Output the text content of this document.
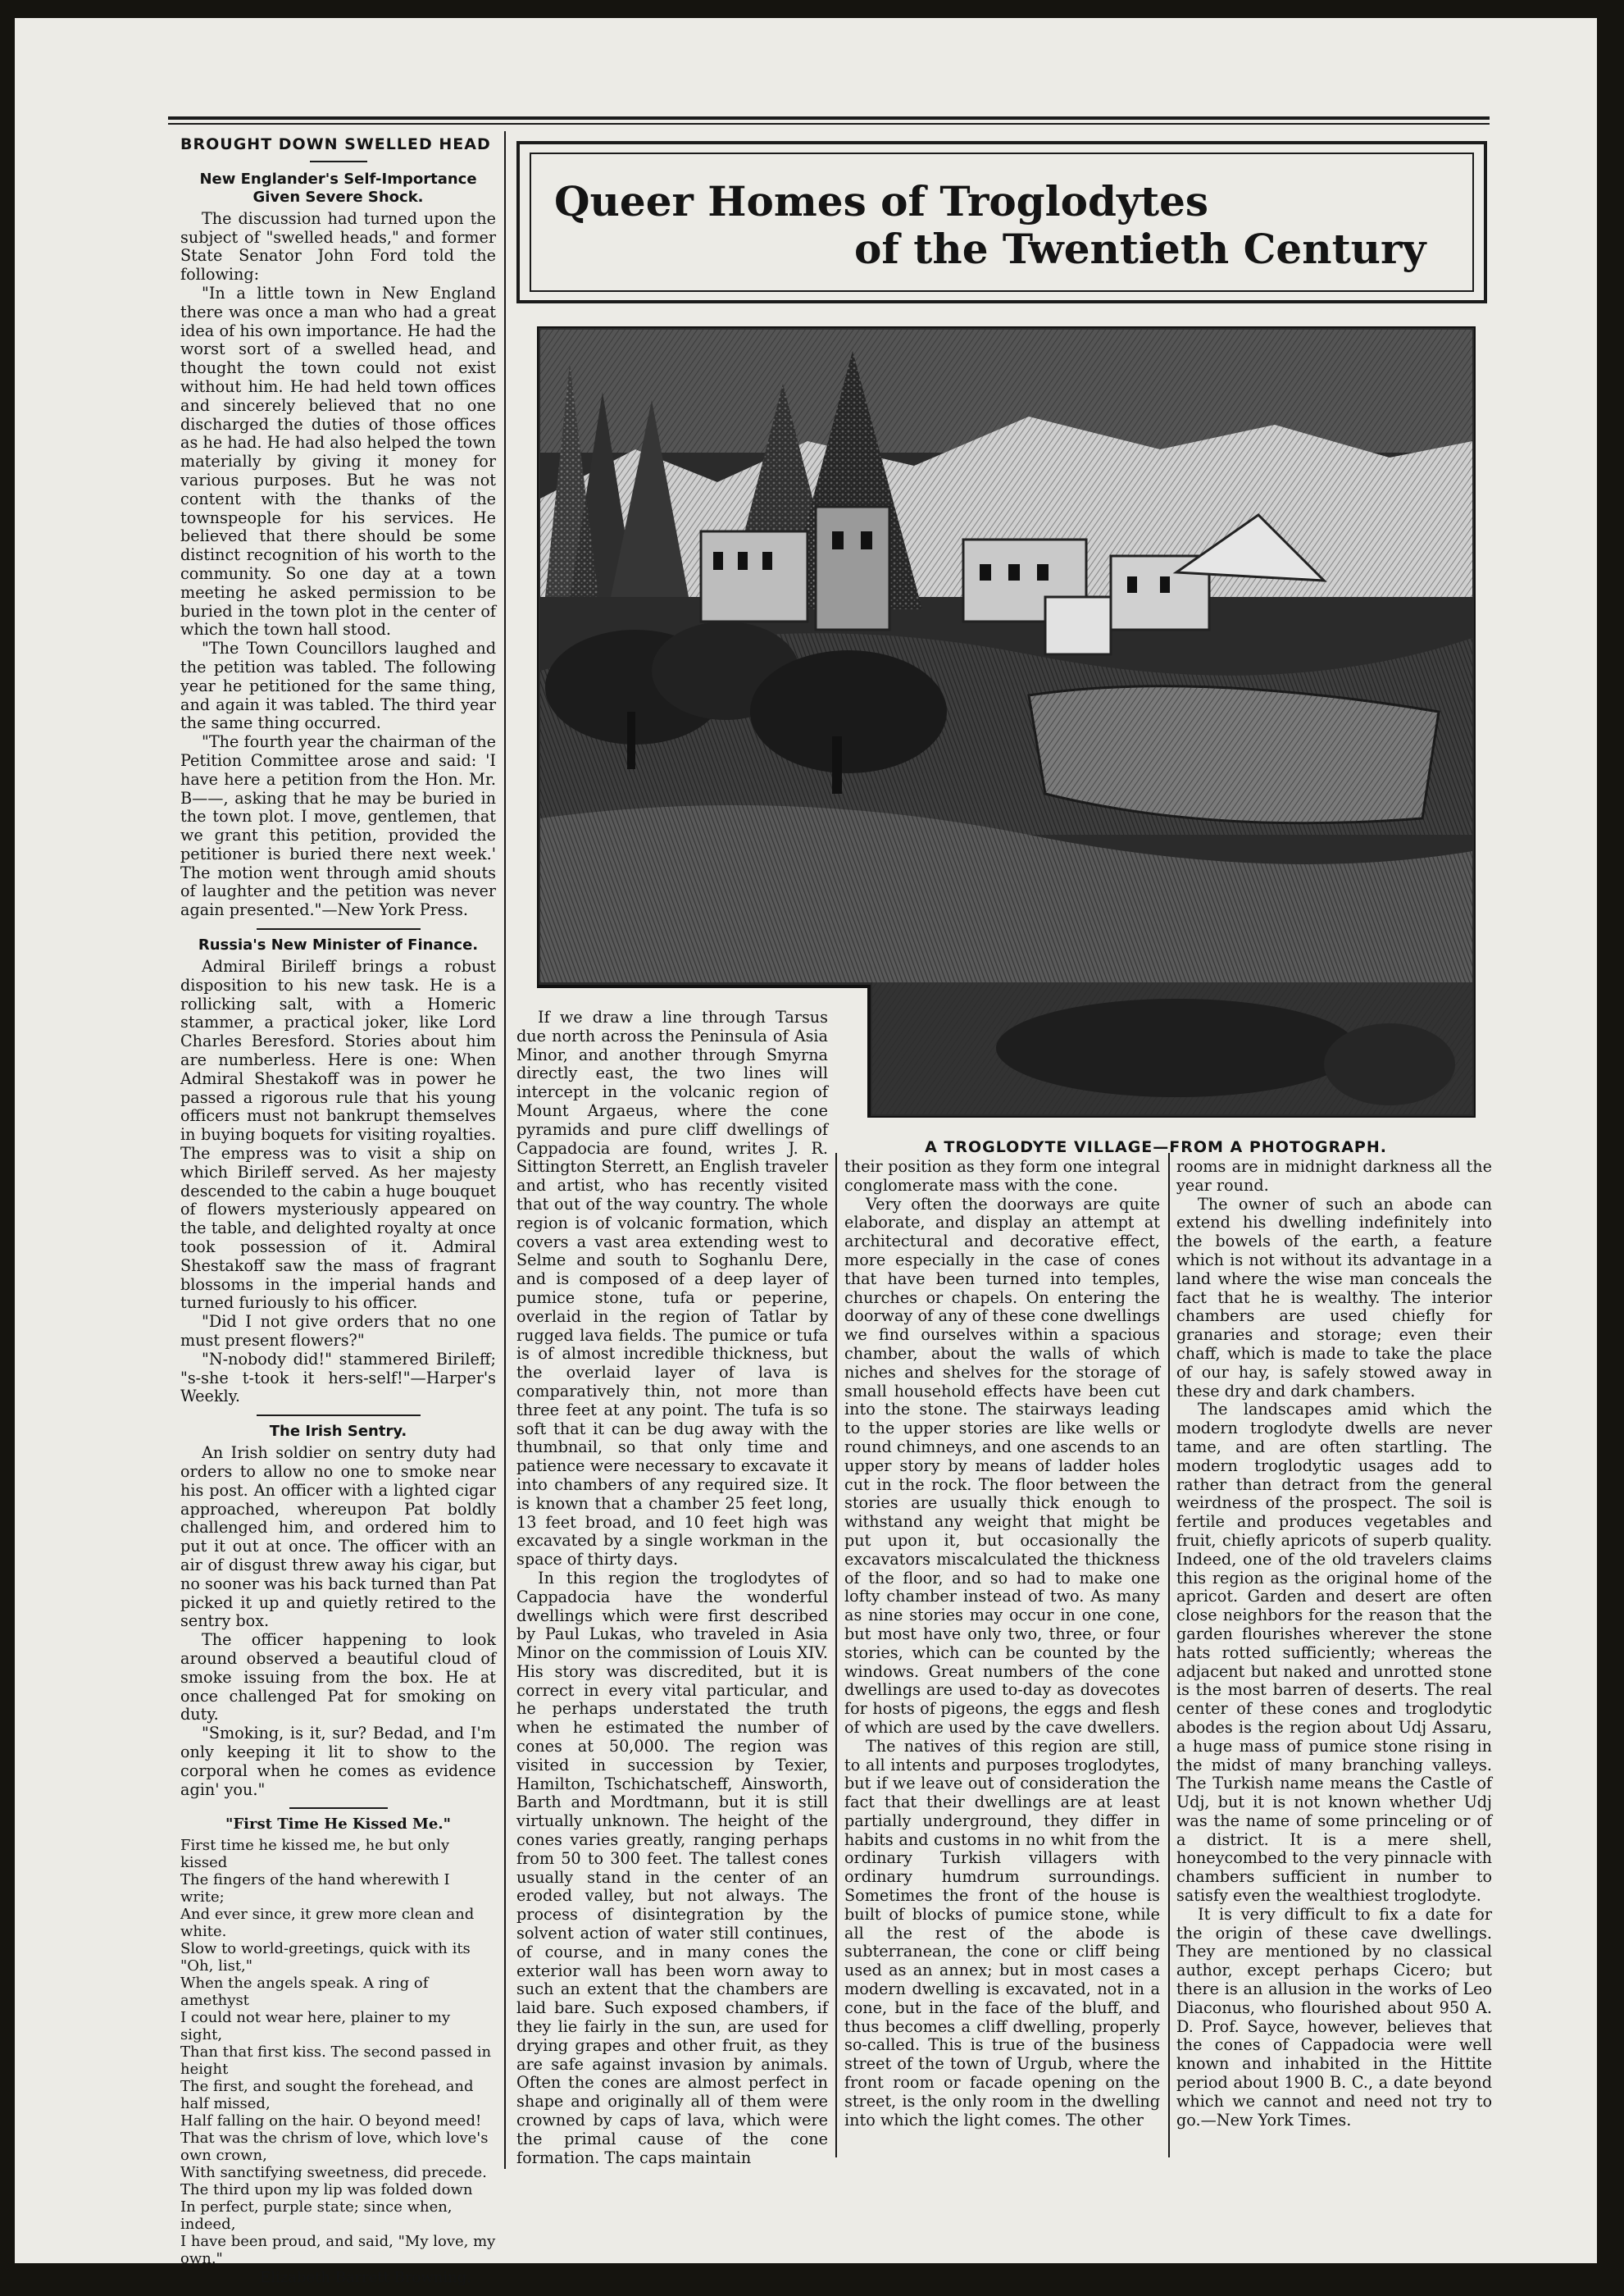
BROUGHT DOWN SWELLED HEAD
New Englander's Self-Importance Given Severe Shock.

The discussion had turned upon the subject of "swelled heads," and former State Senator John Ford told the following:

"In a little town in New England there was once a man who had a great idea of his own importance. He had the worst sort of a swelled head, and thought the town could not exist without him. He had held town offices and sincerely believed that no one discharged the duties of those offices as he had. He had also helped the town materially by giving it money for various purposes. But he was not content with the thanks of the townspeople for his services. He believed that there should be some distinct recognition of his worth to the community. So one day at a town meeting he asked permission to be buried in the town plot in the center of which the town hall stood.

"The Town Councillors laughed and the petition was tabled. The following year he petitioned for the same thing, and again it was tabled. The third year the same thing occurred.

"The fourth year the chairman of the Petition Committee arose and said: 'I have here a petition from the Hon. Mr. B——, asking that he may be buried in the town plot. I move, gentlemen, that we grant this petition, provided the petitioner is buried there next week.' The motion went through amid shouts of laughter and the petition was never again presented."—New York Press.

Russia's New Minister of Finance.

Admiral Birileff brings a robust disposition to his new task. He is a rollicking salt, with a Homeric stammer, a practical joker, like Lord Charles Beresford. Stories about him are numberless. Here is one: When Admiral Shestakoff was in power he passed a rigorous rule that his young officers must not bankrupt themselves in buying boquets for visiting royalties. The empress was to visit a ship on which Birileff served. As her majesty descended to the cabin a huge bouquet of flowers mysteriously appeared on the table, and delighted royalty at once took possession of it. Admiral Shestakoff saw the mass of fragrant blossoms in the imperial hands and turned furiously to his officer.

"Did I not give orders that no one must present flowers?"

"N-nobody did!" stammered Birileff; "s-she t-took it hers-self!"—Harper's Weekly.

The Irish Sentry.

An Irish soldier on sentry duty had orders to allow no one to smoke near his post. An officer with a lighted cigar approached, whereupon Pat boldly challenged him, and ordered him to put it out at once. The officer with an air of disgust threw away his cigar, but no sooner was his back turned than Pat picked it up and quietly retired to the sentry box.

The officer happening to look around observed a beautiful cloud of smoke issuing from the box. He at once challenged Pat for smoking on duty.

"Smoking, is it, sur? Bedad, and I'm only keeping it lit to show to the corporal when he comes as evidence agin' you."

"First Time He Kissed Me."

First time he kissed me, he but only kissed

The fingers of the hand wherewith I write;

And ever since, it grew more clean and white.

Slow to world-greetings, quick with its "Oh, list,"

When the angels speak. A ring of amethyst

I could not wear here, plainer to my sight,

Than that first kiss. The second passed in height

The first, and sought the forehead, and half missed,

Half falling on the hair. O beyond meed!

That was the chrism of love, which love's own crown,

With sanctifying sweetness, did precede.

The third upon my lip was folded down

In perfect, purple state; since when, indeed,

I have been proud, and said, "My love, my own."

Elizabeth Barrett Browning.

Queer Homes of Troglodytes
of the Twentieth Century
A TROGLODYTE VILLAGE—FROM A PHOTOGRAPH.

If we draw a line through Tarsus due north across the Peninsula of Asia Minor, and another through Smyrna directly east, the two lines will intercept in the volcanic region of Mount Argaeus, where the cone pyramids and pure cliff dwellings of Cappadocia are found, writes J. R. Sittington Sterrett, an English traveler and artist, who has recently visited that out of the way country. The whole region is of volcanic formation, which covers a vast area extending west to Selme and south to Soghanlu Dere, and is composed of a deep layer of pumice stone, tufa or peperine, overlaid in the region of Tatlar by rugged lava fields. The pumice or tufa is of almost incredible thickness, but the overlaid layer of lava is comparatively thin, not more than three feet at any point. The tufa is so soft that it can be dug away with the thumbnail, so that only time and patience were necessary to excavate it into chambers of any required size. It is known that a chamber 25 feet long, 13 feet broad, and 10 feet high was excavated by a single workman in the space of thirty days.

In this region the troglodytes of Cappadocia have the wonderful dwellings which were first described by Paul Lukas, who traveled in Asia Minor on the commission of Louis XIV. His story was discredited, but it is correct in every vital particular, and he perhaps understated the truth when he estimated the number of cones at 50,000. The region was visited in succession by Texier, Hamilton, Tschichatscheff, Ainsworth, Barth and Mordtmann, but it is still virtually unknown. The height of the cones varies greatly, ranging perhaps from 50 to 300 feet. The tallest cones usually stand in the center of an eroded valley, but not always. The process of disintegration by the solvent action of water still continues, of course, and in many cones the exterior wall has been worn away to such an extent that the chambers are laid bare. Such exposed chambers, if they lie fairly in the sun, are used for drying grapes and other fruit, as they are safe against invasion by animals. Often the cones are almost perfect in shape and originally all of them were crowned by caps of lava, which were the primal cause of the cone formation. The caps maintain

their position as they form one integral conglomerate mass with the cone.

Very often the doorways are quite elaborate, and display an attempt at architectural and decorative effect, more especially in the case of cones that have been turned into temples, churches or chapels. On entering the doorway of any of these cone dwellings we find ourselves within a spacious chamber, about the walls of which niches and shelves for the storage of small household effects have been cut into the stone. The stairways leading to the upper stories are like wells or round chimneys, and one ascends to an upper story by means of ladder holes cut in the rock. The floor between the stories are usually thick enough to withstand any weight that might be put upon it, but occasionally the excavators miscalculated the thickness of the floor, and so had to make one lofty chamber instead of two. As many as nine stories may occur in one cone, but most have only two, three, or four stories, which can be counted by the windows. Great numbers of the cone dwellings are used to-day as dovecotes for hosts of pigeons, the eggs and flesh of which are used by the cave dwellers.

The natives of this region are still, to all intents and purposes troglodytes, but if we leave out of consideration the fact that their dwellings are at least partially underground, they differ in habits and customs in no whit from the ordinary Turkish villagers with ordinary humdrum surroundings. Sometimes the front of the house is built of blocks of pumice stone, while all the rest of the abode is subterranean, the cone or cliff being used as an annex; but in most cases a modern dwelling is excavated, not in a cone, but in the face of the bluff, and thus becomes a cliff dwelling, properly so-called. This is true of the business street of the town of Urgub, where the front room or facade opening on the street, is the only room in the dwelling into which the light comes. The other

rooms are in midnight darkness all the year round.

The owner of such an abode can extend his dwelling indefinitely into the bowels of the earth, a feature which is not without its advantage in a land where the wise man conceals the fact that he is wealthy. The interior chambers are used chiefly for granaries and storage; even their chaff, which is made to take the place of our hay, is safely stowed away in these dry and dark chambers.

The landscapes amid which the modern troglodyte dwells are never tame, and are often startling. The modern troglodytic usages add to rather than detract from the general weirdness of the prospect. The soil is fertile and produces vegetables and fruit, chiefly apricots of superb quality. Indeed, one of the old travelers claims this region as the original home of the apricot. Garden and desert are often close neighbors for the reason that the garden flourishes wherever the stone hats rotted sufficiently; whereas the adjacent but naked and unrotted stone is the most barren of deserts. The real center of these cones and troglodytic abodes is the region about Udj Assaru, a huge mass of pumice stone rising in the midst of many branching valleys. The Turkish name means the Castle of Udj, but it is not known whether Udj was the name of some princeling or of a district. It is a mere shell, honeycombed to the very pinnacle with chambers sufficient in number to satisfy even the wealthiest troglodyte.

It is very difficult to fix a date for the origin of these cave dwellings. They are mentioned by no classical author, except perhaps Cicero; but there is an allusion in the works of Leo Diaconus, who flourished about 950 A. D. Prof. Sayce, however, believes that the cones of Cappadocia were well known and inhabited in the Hittite period about 1900 B. C., a date beyond which we cannot and need not try to go.—New York Times.
